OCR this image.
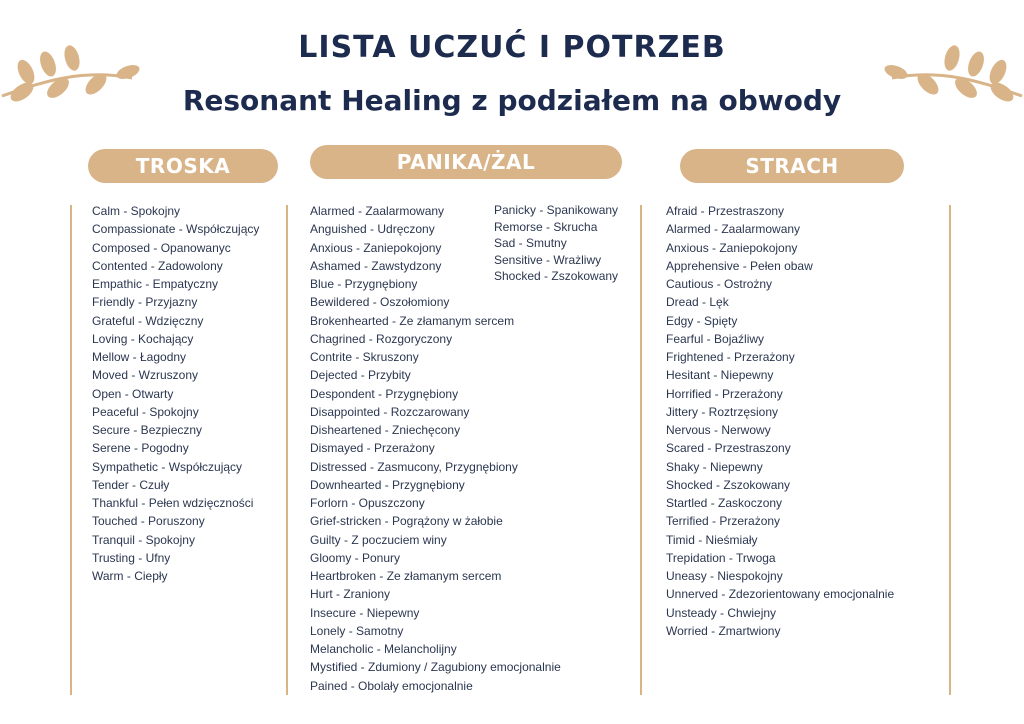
LISTA UCZUĆ I POTRZEB
Resonant Healing z podziałem na obwody
TROSKA	PANIKA/ŻAL	STRACH
Calm - Spokojny
Compassionate - Współczujący
Composed - Opanowanyc
Contented - Zadowolony
Empathic - Empatyczny
Friendly - Przyjazny
Grateful - Wdzięczny
Loving - Kochający
Mellow - Łagodny
Moved - Wzruszony
Open - Otwarty
Peaceful - Spokojny
Secure - Bezpieczny
Serene - Pogodny
Sympathetic - Współczujący
Tender - Czuły
Thankful - Pełen wdzięczności
Touched - Poruszony
Tranquil - Spokojny
Trusting - Ufny
Warm - Ciepły
Alarmed - Zaalarmowany
Anguished - Udręczony
Anxious - Zaniepokojony
Ashamed - Zawstydzony
Blue - Przygnębiony
Bewildered - Oszołomiony
Brokenhearted - Ze złamanym sercem
Chagrined - Rozgoryczony
Contrite - Skruszony
Dejected - Przybity
Despondent - Przygnębiony
Disappointed - Rozczarowany
Disheartened - Zniechęcony
Dismayed - Przerażony
Distressed - Zasmucony, Przygnębiony
Downhearted - Przygnębiony
Forlorn - Opuszczony
Grief-stricken - Pogrążony w żałobie
Guilty - Z poczuciem winy
Gloomy - Ponury
Heartbroken - Ze złamanym sercem
Hurt - Zraniony
Insecure - Niepewny
Lonely - Samotny
Melancholic - Melancholijny
Mystified - Zdumiony / Zagubiony emocjonalnie
Pained - Obolały emocjonalnie
Panicky - Spanikowany
Remorse - Skrucha
Sad - Smutny
Sensitive - Wrażliwy
Shocked - Zszokowany
Afraid - Przestraszony
Alarmed - Zaalarmowany
Anxious - Zaniepokojony
Apprehensive - Pełen obaw
Cautious - Ostrożny
Dread - Lęk
Edgy - Spięty
Fearful - Bojaźliwy
Frightened - Przerażony
Hesitant - Niepewny
Horrified - Przerażony
Jittery - Roztrzęsiony
Nervous - Nerwowy
Scared - Przestraszony
Shaky - Niepewny
Shocked - Zszokowany
Startled - Zaskoczony
Terrified - Przerażony
Timid - Nieśmiały
Trepidation - Trwoga
Uneasy - Niespokojny
Unnerved - Zdezorientowany emocjonalnie
Unsteady - Chwiejny
Worried - Zmartwiony
